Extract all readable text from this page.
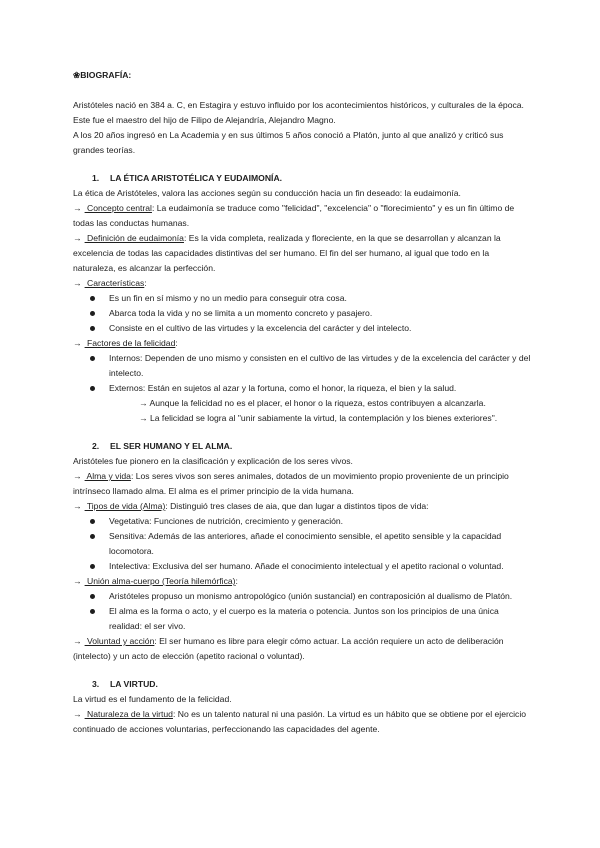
❀BIOGRAFÍA:

Aristóteles nació en 384 a. C, en Estagira y estuvo influido por los acontecimientos históricos, y culturales de la época. Este fue el maestro del hijo de Filipo de Alejandría, Alejandro Magno.

A los 20 años ingresó en La Academia y en sus últimos 5 años conoció a Platón, junto al que analizó y criticó sus grandes teorías.

1. LA ÉTICA ARISTOTÉLICA Y EUDAIMONÍA.

La ética de Aristóteles, valora las acciones según su conducción hacia un fin deseado: la eudaimonía.

→ Concepto central: La eudaimonía se traduce como "felicidad", "excelencia" o "florecimiento" y es un fin último de todas las conductas humanas.

→ Definición de eudaimonía: Es la vida completa, realizada y floreciente, en la que se desarrollan y alcanzan la excelencia de todas las capacidades distintivas del ser humano. El fin del ser humano, al igual que todo en la naturaleza, es alcanzar la perfección.

→ Características:

Es un fin en sí mismo y no un medio para conseguir otra cosa.
Abarca toda la vida y no se limita a un momento concreto y pasajero.
Consiste en el cultivo de las virtudes y la excelencia del carácter y del intelecto.

→ Factores de la felicidad:

Internos: Dependen de uno mismo y consisten en el cultivo de las virtudes y de la excelencia del carácter y del intelecto.
Externos: Están en sujetos al azar y la fortuna, como el honor, la riqueza, el bien y la salud.
→ Aunque la felicidad no es el placer, el honor o la riqueza, estos contribuyen a alcanzarla.
→ La felicidad se logra al "unir sabiamente la virtud, la contemplación y los bienes exteriores".

2. EL SER HUMANO Y EL ALMA.

Aristóteles fue pionero en la clasificación y explicación de los seres vivos.

→ Alma y vida: Los seres vivos son seres animales, dotados de un movimiento propio proveniente de un principio intrínseco llamado alma. El alma es el primer principio de la vida humana.

→ Tipos de vida (Alma): Distinguió tres clases de aia, que dan lugar a distintos tipos de vida:

Vegetativa: Funciones de nutrición, crecimiento y generación.
Sensitiva: Además de las anteriores, añade el conocimiento sensible, el apetito sensible y la capacidad locomotora.
Intelectiva: Exclusiva del ser humano. Añade el conocimiento intelectual y el apetito racional o voluntad.

→ Unión alma-cuerpo (Teoría hilemórfica):

Aristóteles propuso un monismo antropológico (unión sustancial) en contraposición al dualismo de Platón.
El alma es la forma o acto, y el cuerpo es la materia o potencia. Juntos son los principios de una única realidad: el ser vivo.

→ Voluntad y acción: El ser humano es libre para elegir cómo actuar. La acción requiere un acto de deliberación (intelecto) y un acto de elección (apetito racional o voluntad).

3. LA VIRTUD.

La virtud es el fundamento de la felicidad.

→ Naturaleza de la virtud: No es un talento natural ni una pasión. La virtud es un hábito que se obtiene por el ejercicio continuado de acciones voluntarias, perfeccionando las capacidades del agente.
